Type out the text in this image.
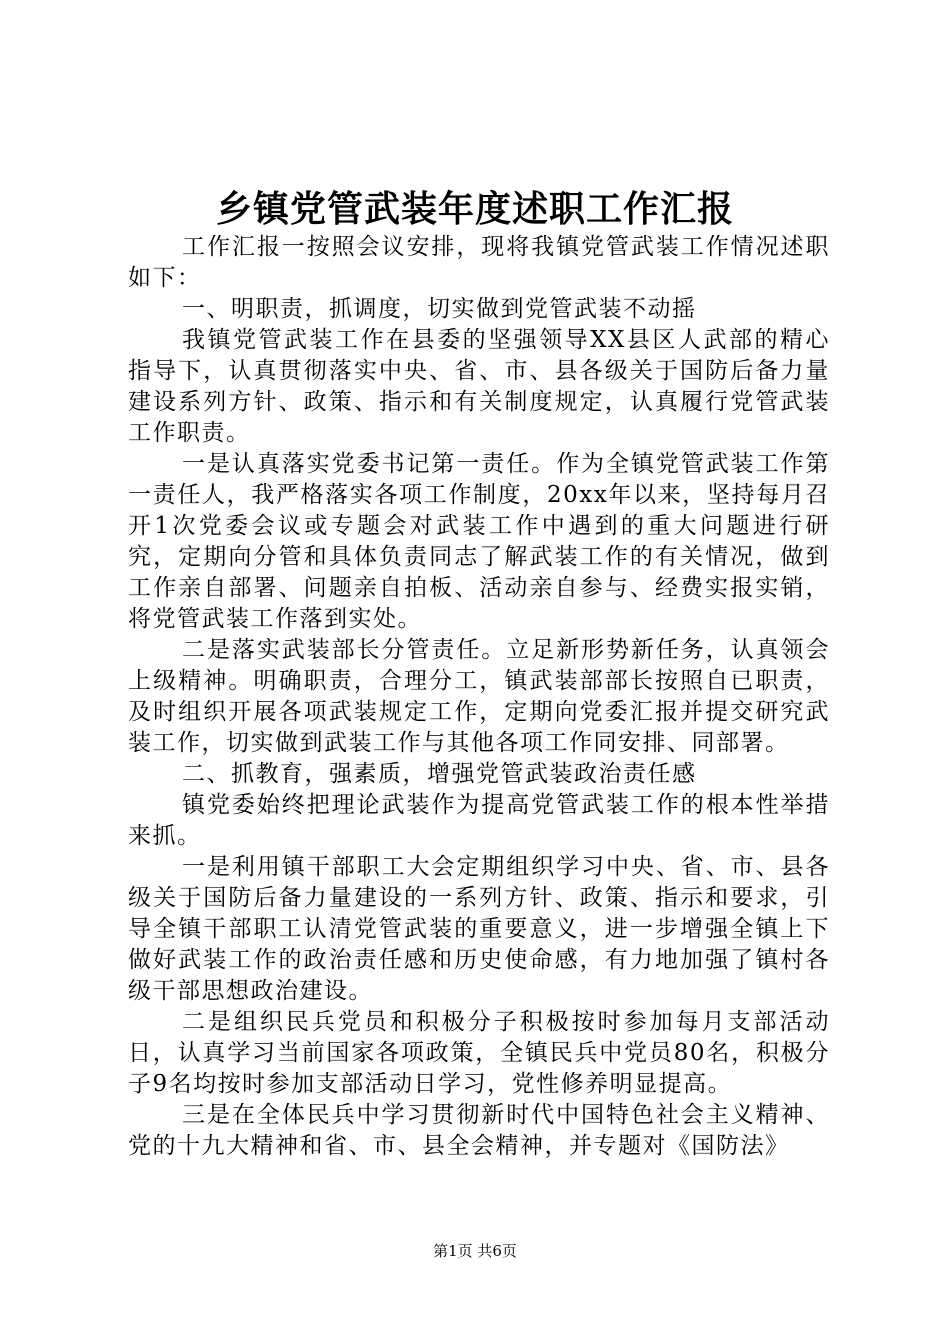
乡镇党管武装年度述职工作汇报

工作汇报一按照会议安排，现将我镇党管武装工作情况述职如下：

一、明职责，抓调度，切实做到党管武装不动摇

我镇党管武装工作在县委的坚强领导XX县区人武部的精心指导下，认真贯彻落实中央、省、市、县各级关于国防后备力量建设系列方针、政策、指示和有关制度规定，认真履行党管武装工作职责。

一是认真落实党委书记第一责任。作为全镇党管武装工作第一责任人，我严格落实各项工作制度，20xx年以来，坚持每月召开1次党委会议或专题会对武装工作中遇到的重大问题进行研究，定期向分管和具体负责同志了解武装工作的有关情况，做到工作亲自部署、问题亲自拍板、活动亲自参与、经费实报实销，将党管武装工作落到实处。

二是落实武装部长分管责任。立足新形势新任务，认真领会上级精神。明确职责，合理分工，镇武装部部长按照自已职责，及时组织开展各项武装规定工作，定期向党委汇报并提交研究武装工作，切实做到武装工作与其他各项工作同安排、同部署。

二、抓教育，强素质，增强党管武装政治责任感

镇党委始终把理论武装作为提高党管武装工作的根本性举措来抓。

一是利用镇干部职工大会定期组织学习中央、省、市、县各级关于国防后备力量建设的一系列方针、政策、指示和要求，引导全镇干部职工认清党管武装的重要意义，进一步增强全镇上下做好武装工作的政治责任感和历史使命感，有力地加强了镇村各级干部思想政治建设。

二是组织民兵党员和积极分子积极按时参加每月支部活动日，认真学习当前国家各项政策，全镇民兵中党员80名，积极分子9名均按时参加支部活动日学习，党性修养明显提高。

三是在全体民兵中学习贯彻新时代中国特色社会主义精神、党的十九大精神和省、市、县全会精神，并专题对《国防法》

第1页 共6页
